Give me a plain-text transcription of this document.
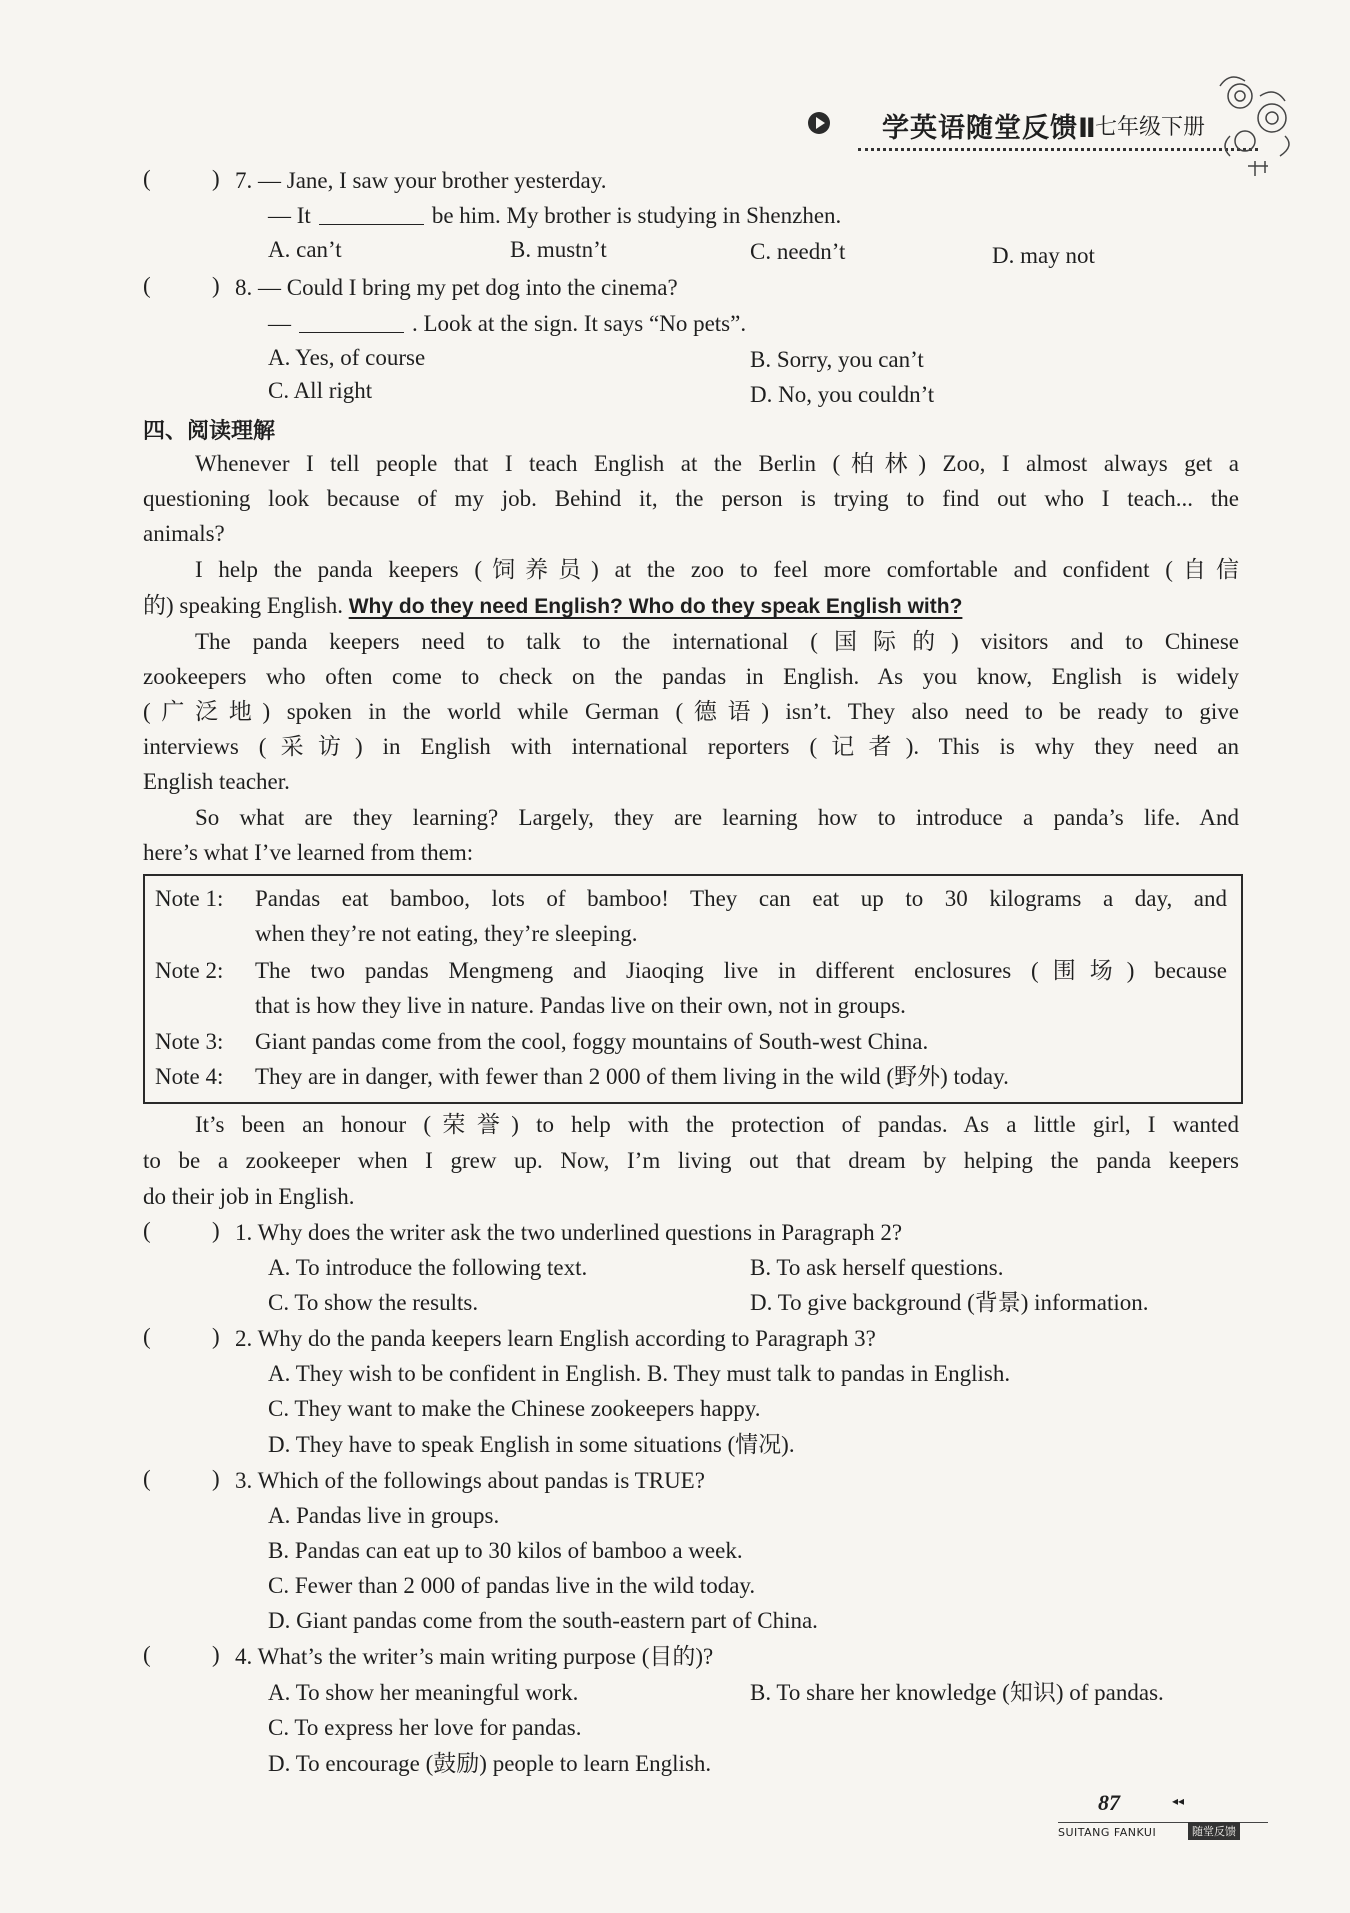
学英语随堂反馈Ⅱ
七年级下册
(	) 7. — Jane, I saw your brother yesterday.
— It	be him. My brother is studying in Shenzhen.
A. can’t	B. mustn’t	C. needn’t	D. may not
(	) 8. — Could I bring my pet dog into the cinema?
—	. Look at the sign. It says “No pets”.
A. Yes, of course	B. Sorry, you can’t
C. All right	D. No, you couldn’t
四、阅读理解
Whenever I tell people that I teach English at the Berlin (柏林) Zoo, I almost always get a
questioning look because of my job. Behind it, the person is trying to find out who I teach... the
animals?
I help the panda keepers (饲养员) at the zoo to feel more comfortable and confident (自信
的) speaking English. Why do they need English? Who do they speak English with?
The panda keepers need to talk to the international (国际的) visitors and to Chinese
zookeepers who often come to check on the pandas in English. As you know, English is widely
(广泛地) spoken in the world while German (德语) isn’t. They also need to be ready to give
interviews (采访) in English with international reporters (记者). This is why they need an
English teacher.
So what are they learning? Largely, they are learning how to introduce a panda’s life. And
here’s what I’ve learned from them:
Note 1: Pandas eat bamboo, lots of bamboo! They can eat up to 30 kilograms a day, and
when they’re not eating, they’re sleeping.
Note 2: The two pandas Mengmeng and Jiaoqing live in different enclosures (围场) because
that is how they live in nature. Pandas live on their own, not in groups.
Note 3: Giant pandas come from the cool, foggy mountains of South-west China.
Note 4: They are in danger, with fewer than 2 000 of them living in the wild (野外) today.
It’s been an honour (荣誉) to help with the protection of pandas. As a little girl, I wanted
to be a zookeeper when I grew up. Now, I’m living out that dream by helping the panda keepers
do their job in English.
(	) 1. Why does the writer ask the two underlined questions in Paragraph 2?
A. To introduce the following text.	B. To ask herself questions.
C. To show the results.	D. To give background (背景) information.
(	) 2. Why do the panda keepers learn English according to Paragraph 3?
A. They wish to be confident in English. B. They must talk to pandas in English.
C. They want to make the Chinese zookeepers happy.
D. They have to speak English in some situations (情况).
(	) 3. Which of the followings about pandas is TRUE?
A. Pandas live in groups.
B. Pandas can eat up to 30 kilos of bamboo a week.
C. Fewer than 2 000 of pandas live in the wild today.
D. Giant pandas come from the south-eastern part of China.
(	) 4. What’s the writer’s main writing purpose (目的)?
A. To show her meaningful work.	B. To share her knowledge (知识) of pandas.
C. To express her love for pandas.
D. To encourage (鼓励) people to learn English.
87	◂◂
SUITANG FANKUI	随堂反馈
